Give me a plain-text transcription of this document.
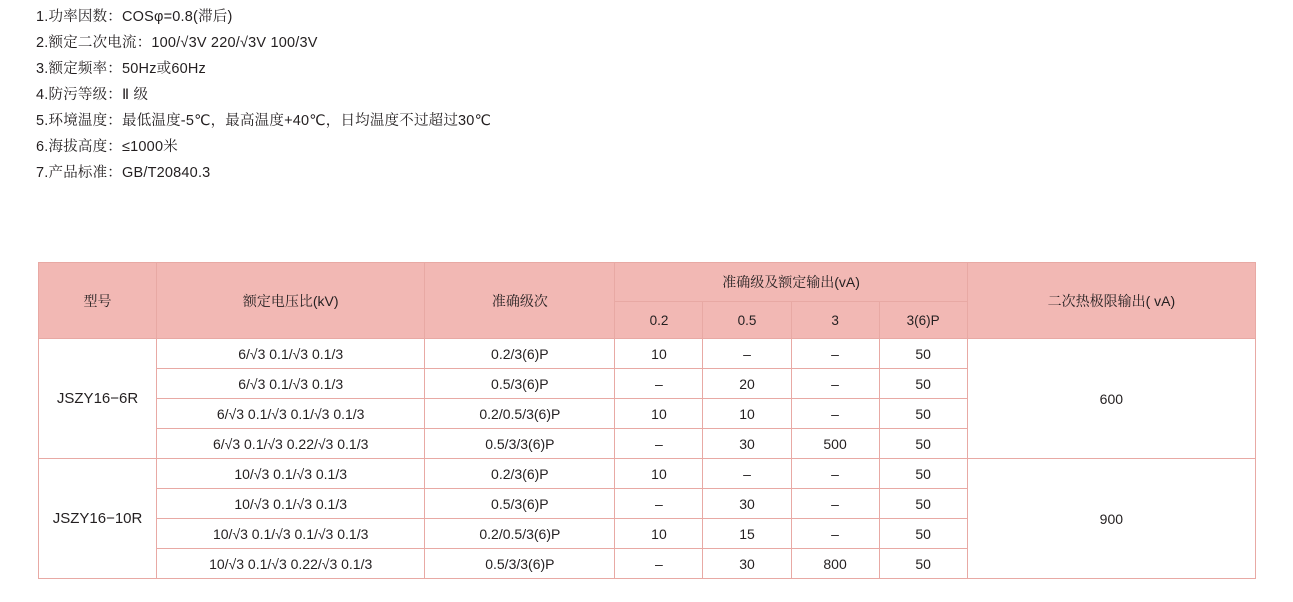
1.功率因数：COSφ=0.8(滞后)
2.额定二次电流：100/√3V 220/√3V 100/3V
3.额定频率：50Hz或60Hz
4.防污等级：Ⅱ 级
5.环境温度：最低温度-5℃，最高温度+40℃，日均温度不过超过30℃
6.海拔高度：≤1000米
7.产品标准：GB/T20840.3
型号	额定电压比(kV)	准确级次	准确级及额定输出(vA)				二次热极限输出( vA)
			0.2	0.5	3	3(6)P	
JSZY16−6R	6/√3 0.1/√3 0.1/3	0.2/3(6)P	10	–	–	50	600
	6/√3 0.1/√3 0.1/3	0.5/3(6)P	–	20	–	50	
	6/√3 0.1/√3 0.1/√3 0.1/3	0.2/0.5/3(6)P	10	10	–	50	
	6/√3 0.1/√3 0.22/√3 0.1/3	0.5/3/3(6)P	–	30	500	50	
JSZY16−10R	10/√3 0.1/√3 0.1/3	0.2/3(6)P	10	–	–	50	900
	10/√3 0.1/√3 0.1/3	0.5/3(6)P	–	30	–	50	
	10/√3 0.1/√3 0.1/√3 0.1/3	0.2/0.5/3(6)P	10	15	–	50	
	10/√3 0.1/√3 0.22/√3 0.1/3	0.5/3/3(6)P	–	30	800	50	
